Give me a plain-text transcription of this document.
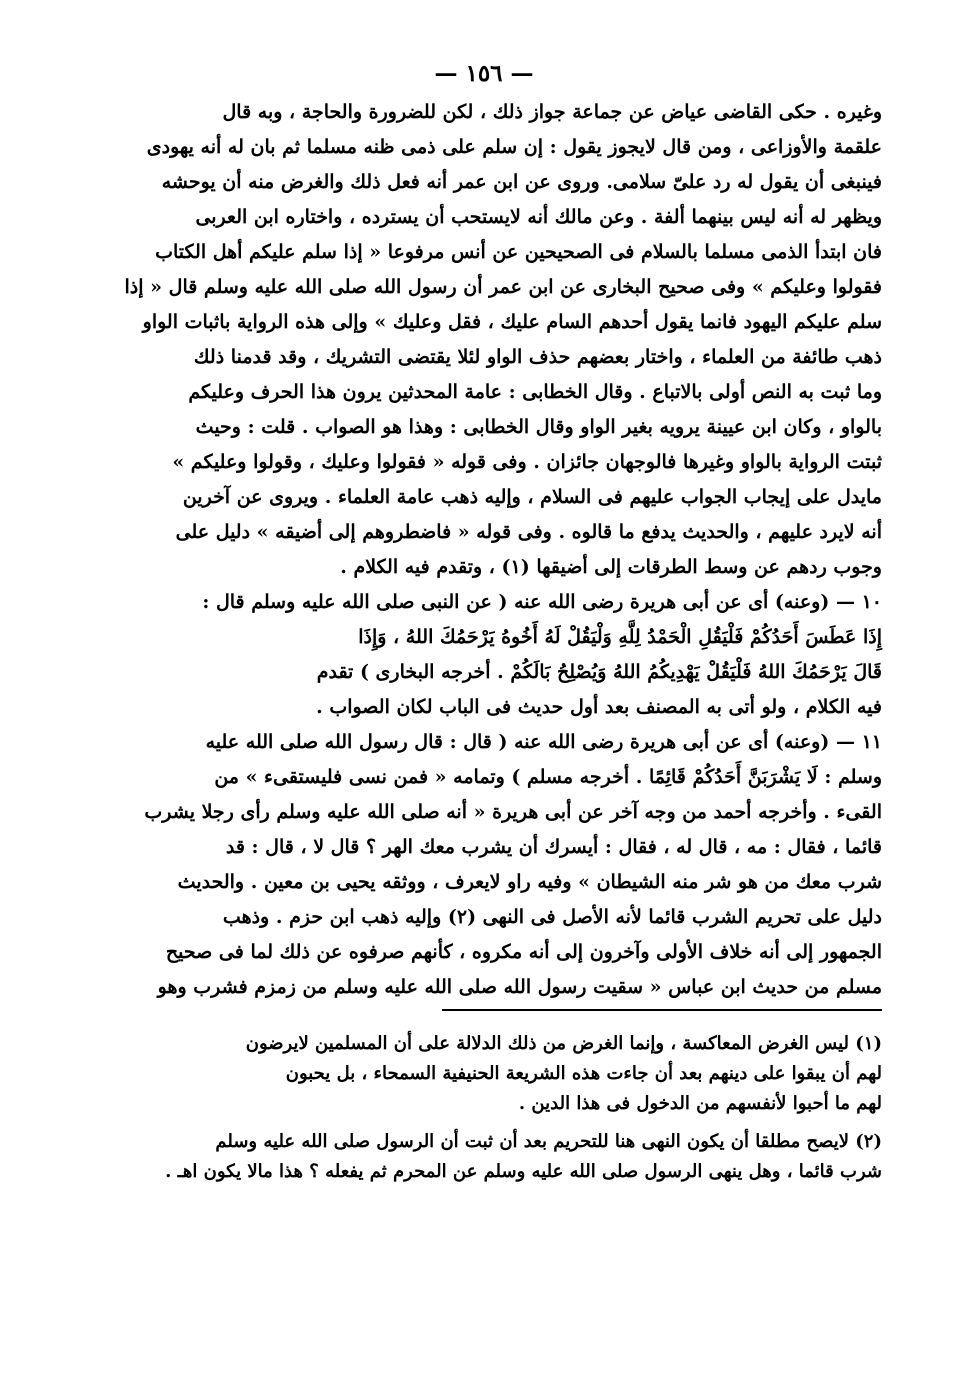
— ١٥٦ —
وغيره . حكى القاضى عياض عن جماعة جواز ذلك ، لكن للضرورة والحاجة ، وبه قال
علقمة والأوزاعى ، ومن قال لايجوز يقول : إن سلم على ذمى ظنه مسلما ثم بان له أنه يهودى
فينبغى أن يقول له رد علىّ سلامى. وروى عن ابن عمر أنه فعل ذلك والغرض منه أن يوحشه
ويظهر له أنه ليس بينهما ألفة . وعن مالك أنه لايستحب أن يسترده ، واختاره ابن العربى
فان ابتدأ الذمى مسلما بالسلام فى الصحيحين عن أنس مرفوعا « إذا سلم عليكم أهل الكتاب
فقولوا وعليكم » وفى صحيح البخارى عن ابن عمر أن رسول الله صلى الله عليه وسلم قال « إذا
سلم عليكم اليهود فانما يقول أحدهم السام عليك ، فقل وعليك » وإلى هذه الرواية باثبات الواو
ذهب طائفة من العلماء ، واختار بعضهم حذف الواو لئلا يقتضى التشريك ، وقد قدمنا ذلك
وما ثبت به النص أولى بالاتباع . وقال الخطابى : عامة المحدثين يرون هذا الحرف وعليكم
بالواو ، وكان ابن عيينة يرويه بغير الواو وقال الخطابى : وهذا هو الصواب . قلت : وحيث
ثبتت الرواية بالواو وغيرها فالوجهان جائزان . وفى قوله « فقولوا وعليك ، وقولوا وعليكم »
مايدل على إيجاب الجواب عليهم فى السلام ، وإليه ذهب عامة العلماء . ويروى عن آخرين
أنه لايرد عليهم ، والحديث يدفع ما قالوه . وفى قوله « فاضطروهم إلى أضيقه » دليل على
وجوب ردهم عن وسط الطرقات إلى أضيقها (١) ، وتقدم فيه الكلام .
١٠ — (وعنه) أى عن أبى هريرة رضى الله عنه ( عن النبى صلى الله عليه وسلم قال :
إِذَا عَطَسَ أَحَدُكُمْ فَلْيَقُلِ الْحَمْدُ لِلَّهِ وَلْيَقُلْ لَهُ أَخُوهُ يَرْحَمُكَ اللهُ ، وَإِذَا
قَالَ يَرْحَمُكَ اللهُ فَلْيَقُلْ يَهْدِيكُمُ اللهُ وَيُصْلِحُ بَالَكُمْ . أخرجه البخارى ) تقدم
فيه الكلام ، ولو أتى به المصنف بعد أول حديث فى الباب لكان الصواب .
١١ — (وعنه) أى عن أبى هريرة رضى الله عنه ( قال : قال رسول الله صلى الله عليه
وسلم : لَا يَشْرَبَنَّ أَحَدُكُمْ قَائِمًا . أخرجه مسلم ) وتمامه « فمن نسى فليستقىء » من
القىء . وأخرجه أحمد من وجه آخر عن أبى هريرة « أنه صلى الله عليه وسلم رأى رجلا يشرب
قائما ، فقال : مه ، قال له ، فقال : أيسرك أن يشرب معك الهر ؟ قال لا ، قال : قد
شرب معك من هو شر منه الشيطان » وفيه راو لايعرف ، ووثقه يحيى بن معين . والحديث
دليل على تحريم الشرب قائما لأنه الأصل فى النهى (٢) وإليه ذهب ابن حزم . وذهب
الجمهور إلى أنه خلاف الأولى وآخرون إلى أنه مكروه ، كأنهم صرفوه عن ذلك لما فى صحيح
مسلم من حديث ابن عباس « سقيت رسول الله صلى الله عليه وسلم من زمزم فشرب وهو
(١) ليس الغرض المعاكسة ، وإنما الغرض من ذلك الدلالة على أن المسلمين لايرضون
لهم أن يبقوا على دينهم بعد أن جاءت هذه الشريعة الحنيفية السمحاء ، بل يحبون
لهم ما أحبوا لأنفسهم من الدخول فى هذا الدين .
(٢) لايصح مطلقا أن يكون النهى هنا للتحريم بعد أن ثبت أن الرسول صلى الله عليه وسلم
شرب قائما ، وهل ينهى الرسول صلى الله عليه وسلم عن المحرم ثم يفعله ؟ هذا مالا يكون اهـ .
